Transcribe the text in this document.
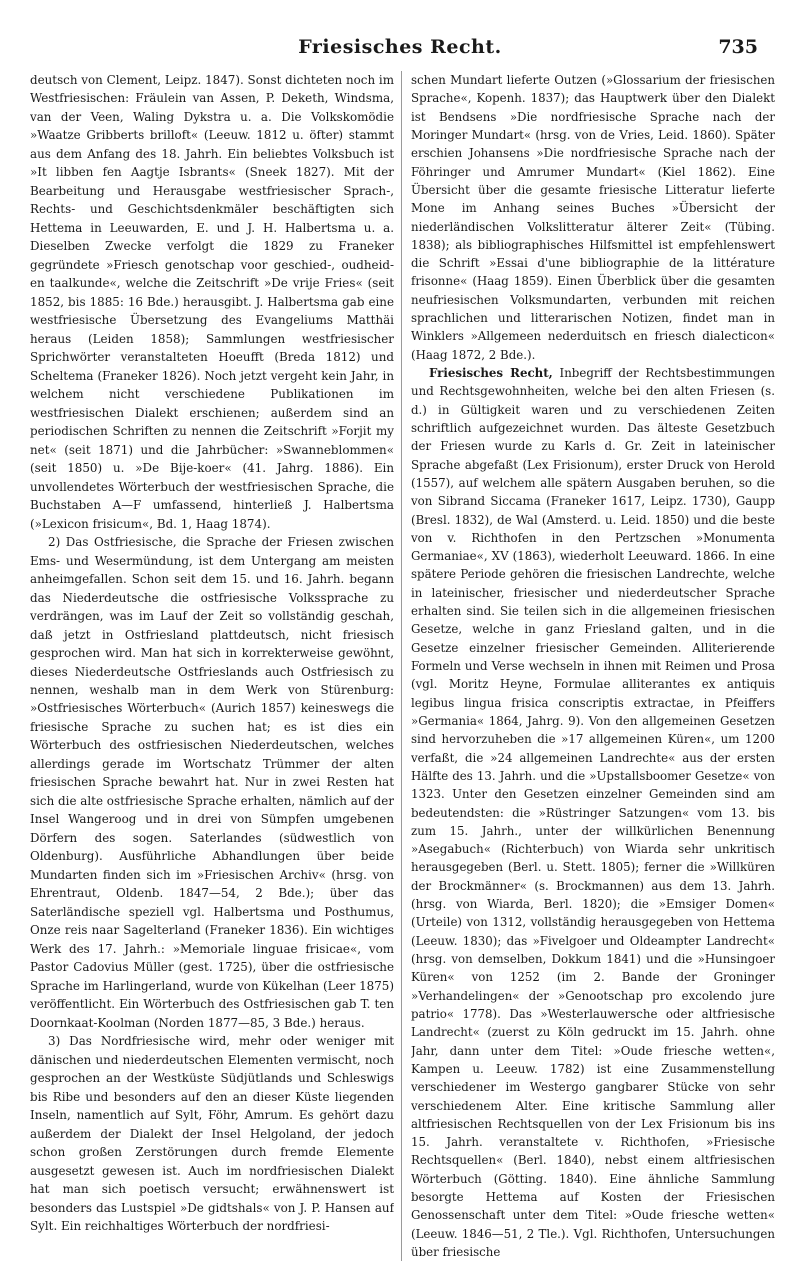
Friesisches Recht.	735

deutsch von Clement, Leipz. 1847). Sonst dichteten noch im Westfriesischen: Fräulein van Assen, P. Deketh, Windsma, van der Veen, Waling Dykstra u. a. Die Volkskomödie »Waatze Gribberts brilloft« (Leeuw. 1812 u. öfter) stammt aus dem Anfang des 18. Jahrh. Ein beliebtes Volksbuch ist »It libben fen Aagtje Isbrants« (Sneek 1827). Mit der Bearbeitung und Herausgabe westfriesischer Sprach-, Rechts- und Geschichtsdenkmäler beschäftigten sich Hettema in Leeuwarden, E. und J. H. Halbertsma u. a. Dieselben Zwecke verfolgt die 1829 zu Franeker gegründete »Friesch genotschap voor geschied-, oudheid- en taalkunde«, welche die Zeitschrift »De vrije Fries« (seit 1852, bis 1885: 16 Bde.) herausgibt. J. Halbertsma gab eine westfriesische Übersetzung des Evangeliums Matthäi heraus (Leiden 1858); Sammlungen westfriesischer Sprichwörter veranstalteten Hoeufft (Breda 1812) und Scheltema (Franeker 1826). Noch jetzt vergeht kein Jahr, in welchem nicht verschiedene Publikationen im westfriesischen Dialekt erschienen; außerdem sind an periodischen Schriften zu nennen die Zeitschrift »Forjit my net« (seit 1871) und die Jahrbücher: »Swanneblommen« (seit 1850) u. »De Bije-koer« (41. Jahrg. 1886). Ein unvollendetes Wörterbuch der westfriesischen Sprache, die Buchstaben A—F umfassend, hinterließ J. Halbertsma (»Lexicon frisicum«, Bd. 1, Haag 1874).

2) Das Ostfriesische, die Sprache der Friesen zwischen Ems- und Wesermündung, ist dem Untergang am meisten anheimgefallen. Schon seit dem 15. und 16. Jahrh. begann das Niederdeutsche die ostfriesische Volkssprache zu verdrängen, was im Lauf der Zeit so vollständig geschah, daß jetzt in Ostfriesland plattdeutsch, nicht friesisch gesprochen wird. Man hat sich in korrekterweise gewöhnt, dieses Niederdeutsche Ostfrieslands auch Ostfriesisch zu nennen, weshalb man in dem Werk von Stürenburg: »Ostfriesisches Wörterbuch« (Aurich 1857) keineswegs die friesische Sprache zu suchen hat; es ist dies ein Wörterbuch des ostfriesischen Niederdeutschen, welches allerdings gerade im Wortschatz Trümmer der alten friesischen Sprache bewahrt hat. Nur in zwei Resten hat sich die alte ostfriesische Sprache erhalten, nämlich auf der Insel Wangeroog und in drei von Sümpfen umgebenen Dörfern des sogen. Saterlandes (südwestlich von Oldenburg). Ausführliche Abhandlungen über beide Mundarten finden sich im »Friesischen Archiv« (hrsg. von Ehrentraut, Oldenb. 1847—54, 2 Bde.); über das Saterländische speziell vgl. Halbertsma und Posthumus, Onze reis naar Sagelterland (Franeker 1836). Ein wichtiges Werk des 17. Jahrh.: »Memoriale linguae frisicae«, vom Pastor Cadovius Müller (gest. 1725), über die ostfriesische Sprache im Harlingerland, wurde von Kükelhan (Leer 1875) veröffentlicht. Ein Wörterbuch des Ostfriesischen gab T. ten Doornkaat-Koolman (Norden 1877—85, 3 Bde.) heraus.

3) Das Nordfriesische wird, mehr oder weniger mit dänischen und niederdeutschen Elementen vermischt, noch gesprochen an der Westküste Südjütlands und Schleswigs bis Ribe und besonders auf den an dieser Küste liegenden Inseln, namentlich auf Sylt, Föhr, Amrum. Es gehört dazu außerdem der Dialekt der Insel Helgoland, der jedoch schon großen Zerstörungen durch fremde Elemente ausgesetzt gewesen ist. Auch im nordfriesischen Dialekt hat man sich poetisch versucht; erwähnenswert ist besonders das Lustspiel »De gidtshals« von J. P. Hansen auf Sylt. Ein reichhaltiges Wörterbuch der nordfriesi-

schen Mundart lieferte Outzen (»Glossarium der friesischen Sprache«, Kopenh. 1837); das Hauptwerk über den Dialekt ist Bendsens »Die nordfriesische Sprache nach der Moringer Mundart« (hrsg. von de Vries, Leid. 1860). Später erschien Johansens »Die nordfriesische Sprache nach der Föhringer und Amrumer Mundart« (Kiel 1862). Eine Übersicht über die gesamte friesische Litteratur lieferte Mone im Anhang seines Buches »Übersicht der niederländischen Volkslitteratur älterer Zeit« (Tübing. 1838); als bibliographisches Hilfsmittel ist empfehlenswert die Schrift »Essai d'une bibliographie de la littérature frisonne« (Haag 1859). Einen Überblick über die gesamten neufriesischen Volksmundarten, verbunden mit reichen sprachlichen und litterarischen Notizen, findet man in Winklers »Allgemeen nederduitsch en friesch dialecticon« (Haag 1872, 2 Bde.).

Friesisches Recht, Inbegriff der Rechtsbestimmungen und Rechtsgewohnheiten, welche bei den alten Friesen (s. d.) in Gültigkeit waren und zu verschiedenen Zeiten schriftlich aufgezeichnet wurden. Das älteste Gesetzbuch der Friesen wurde zu Karls d. Gr. Zeit in lateinischer Sprache abgefaßt (Lex Frisionum), erster Druck von Herold (1557), auf welchem alle spätern Ausgaben beruhen, so die von Sibrand Siccama (Franeker 1617, Leipz. 1730), Gaupp (Bresl. 1832), de Wal (Amsterd. u. Leid. 1850) und die beste von v. Richthofen in den Pertzschen »Monumenta Germaniae«, XV (1863), wiederholt Leeuward. 1866. In eine spätere Periode gehören die friesischen Landrechte, welche in lateinischer, friesischer und niederdeutscher Sprache erhalten sind. Sie teilen sich in die allgemeinen friesischen Gesetze, welche in ganz Friesland galten, und in die Gesetze einzelner friesischer Gemeinden. Alliterierende Formeln und Verse wechseln in ihnen mit Reimen und Prosa (vgl. Moritz Heyne, Formulae alliterantes ex antiquis legibus lingua frisica conscriptis extractae, in Pfeiffers »Germania« 1864, Jahrg. 9). Von den allgemeinen Gesetzen sind hervorzuheben die »17 allgemeinen Küren«, um 1200 verfaßt, die »24 allgemeinen Landrechte« aus der ersten Hälfte des 13. Jahrh. und die »Upstallsboomer Gesetze« von 1323. Unter den Gesetzen einzelner Gemeinden sind am bedeutendsten: die »Rüstringer Satzungen« vom 13. bis zum 15. Jahrh., unter der willkürlichen Benennung »Asegabuch« (Richterbuch) von Wiarda sehr unkritisch herausgegeben (Berl. u. Stett. 1805); ferner die »Willküren der Brockmänner« (s. Brockmannen) aus dem 13. Jahrh. (hrsg. von Wiarda, Berl. 1820); die »Emsiger Domen« (Urteile) von 1312, vollständig herausgegeben von Hettema (Leeuw. 1830); das »Fivelgoer und Oldeampter Landrecht« (hrsg. von demselben, Dokkum 1841) und die »Hunsingoer Küren« von 1252 (im 2. Bande der Groninger »Verhandelingen« der »Genootschap pro excolendo jure patrio« 1778). Das »Westerlauwersche oder altfriesische Landrecht« (zuerst zu Köln gedruckt im 15. Jahrh. ohne Jahr, dann unter dem Titel: »Oude friesche wetten«, Kampen u. Leeuw. 1782) ist eine Zusammenstellung verschiedener im Westergo gangbarer Stücke von sehr verschiedenem Alter. Eine kritische Sammlung aller altfriesischen Rechtsquellen von der Lex Frisionum bis ins 15. Jahrh. veranstaltete v. Richthofen, »Friesische Rechtsquellen« (Berl. 1840), nebst einem altfriesischen Wörterbuch (Götting. 1840). Eine ähnliche Sammlung besorgte Hettema auf Kosten der Friesischen Genossenschaft unter dem Titel: »Oude friesche wetten« (Leeuw. 1846—51, 2 Tle.). Vgl. Richthofen, Untersuchungen über friesische
